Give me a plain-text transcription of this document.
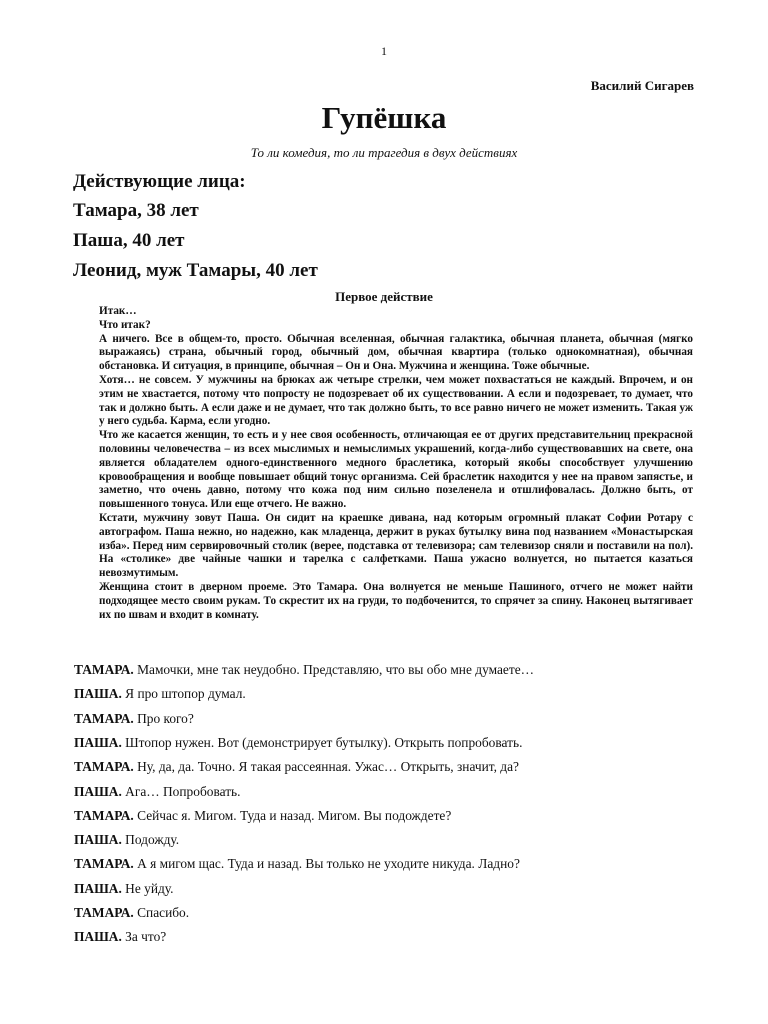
1
Василий Сигарев
Гупёшка
То ли комедия, то ли трагедия в двух действиях
Действующие лица:
Тамара, 38 лет
Паша, 40 лет
Леонид, муж Тамары, 40 лет
Первое действие

Итак…

Что итак?

А ничего. Все в общем-то, просто. Обычная вселенная, обычная галактика, обычная планета, обычная (мягко выражаясь) страна, обычный город, обычный дом, обычная квартира (только однокомнатная), обычная обстановка. И ситуация, в принципе, обычная – Он и Она. Мужчина и женщина. Тоже обычные.

Хотя… не совсем. У мужчины на брюках аж четыре стрелки, чем может похвастаться не каждый. Впрочем, и он этим не хвастается, потому что попросту не подозревает об их существовании. А если и подозревает, то думает, что так и должно быть. А если даже и не думает, что так должно быть, то все равно ничего не может изменить. Такая уж у него судьба. Карма, если угодно.

Что же касается женщин, то есть и у нее своя особенность, отличающая ее от других представительниц прекрасной половины человечества – из всех мыслимых и немыслимых украшений, когда-либо существовавших на свете, она является обладателем одного-единственного медного браслетика, который якобы способствует улучшению кровообращения и вообще повышает общий тонус организма. Сей браслетик находится у нее на правом запястье, и заметно, что очень давно, потому что кожа под ним сильно позеленела и отшлифовалась. Должно быть, от повышенного тонуса. Или еще отчего. Не важно.

Кстати, мужчину зовут Паша. Он сидит на краешке дивана, над которым огромный плакат Софии Ротару с автографом. Паша нежно, но надежно, как младенца, держит в руках бутылку вина под названием «Монастырская изба». Перед ним сервировочный столик (верее, подставка от телевизора; сам телевизор сняли и поставили на пол). На «столике» две чайные чашки и тарелка с салфетками. Паша ужасно волнуется, но пытается казаться невозмутимым.

Женщина стоит в дверном проеме. Это Тамара. Она волнуется не меньше Пашиного, отчего не может найти подходящее место своим рукам. То скрестит их на груди, то подбоченится, то спрячет за спину. Наконец вытягивает их по швам и входит в комнату.

ТАМАРА. Мамочки, мне так неудобно. Представляю, что вы обо мне думаете…
ПАША. Я про штопор думал.
ТАМАРА. Про кого?
ПАША. Штопор нужен. Вот (демонстрирует бутылку). Открыть попробовать.
ТАМАРА. Ну, да, да. Точно. Я такая рассеянная. Ужас… Открыть, значит, да?
ПАША. Ага… Попробовать.
ТАМАРА. Сейчас я. Мигом. Туда и назад. Мигом. Вы подождете?
ПАША. Подожду.
ТАМАРА. А я мигом щас. Туда и назад. Вы только не уходите никуда. Ладно?
ПАША. Не уйду.
ТАМАРА. Спасибо.
ПАША. За что?
